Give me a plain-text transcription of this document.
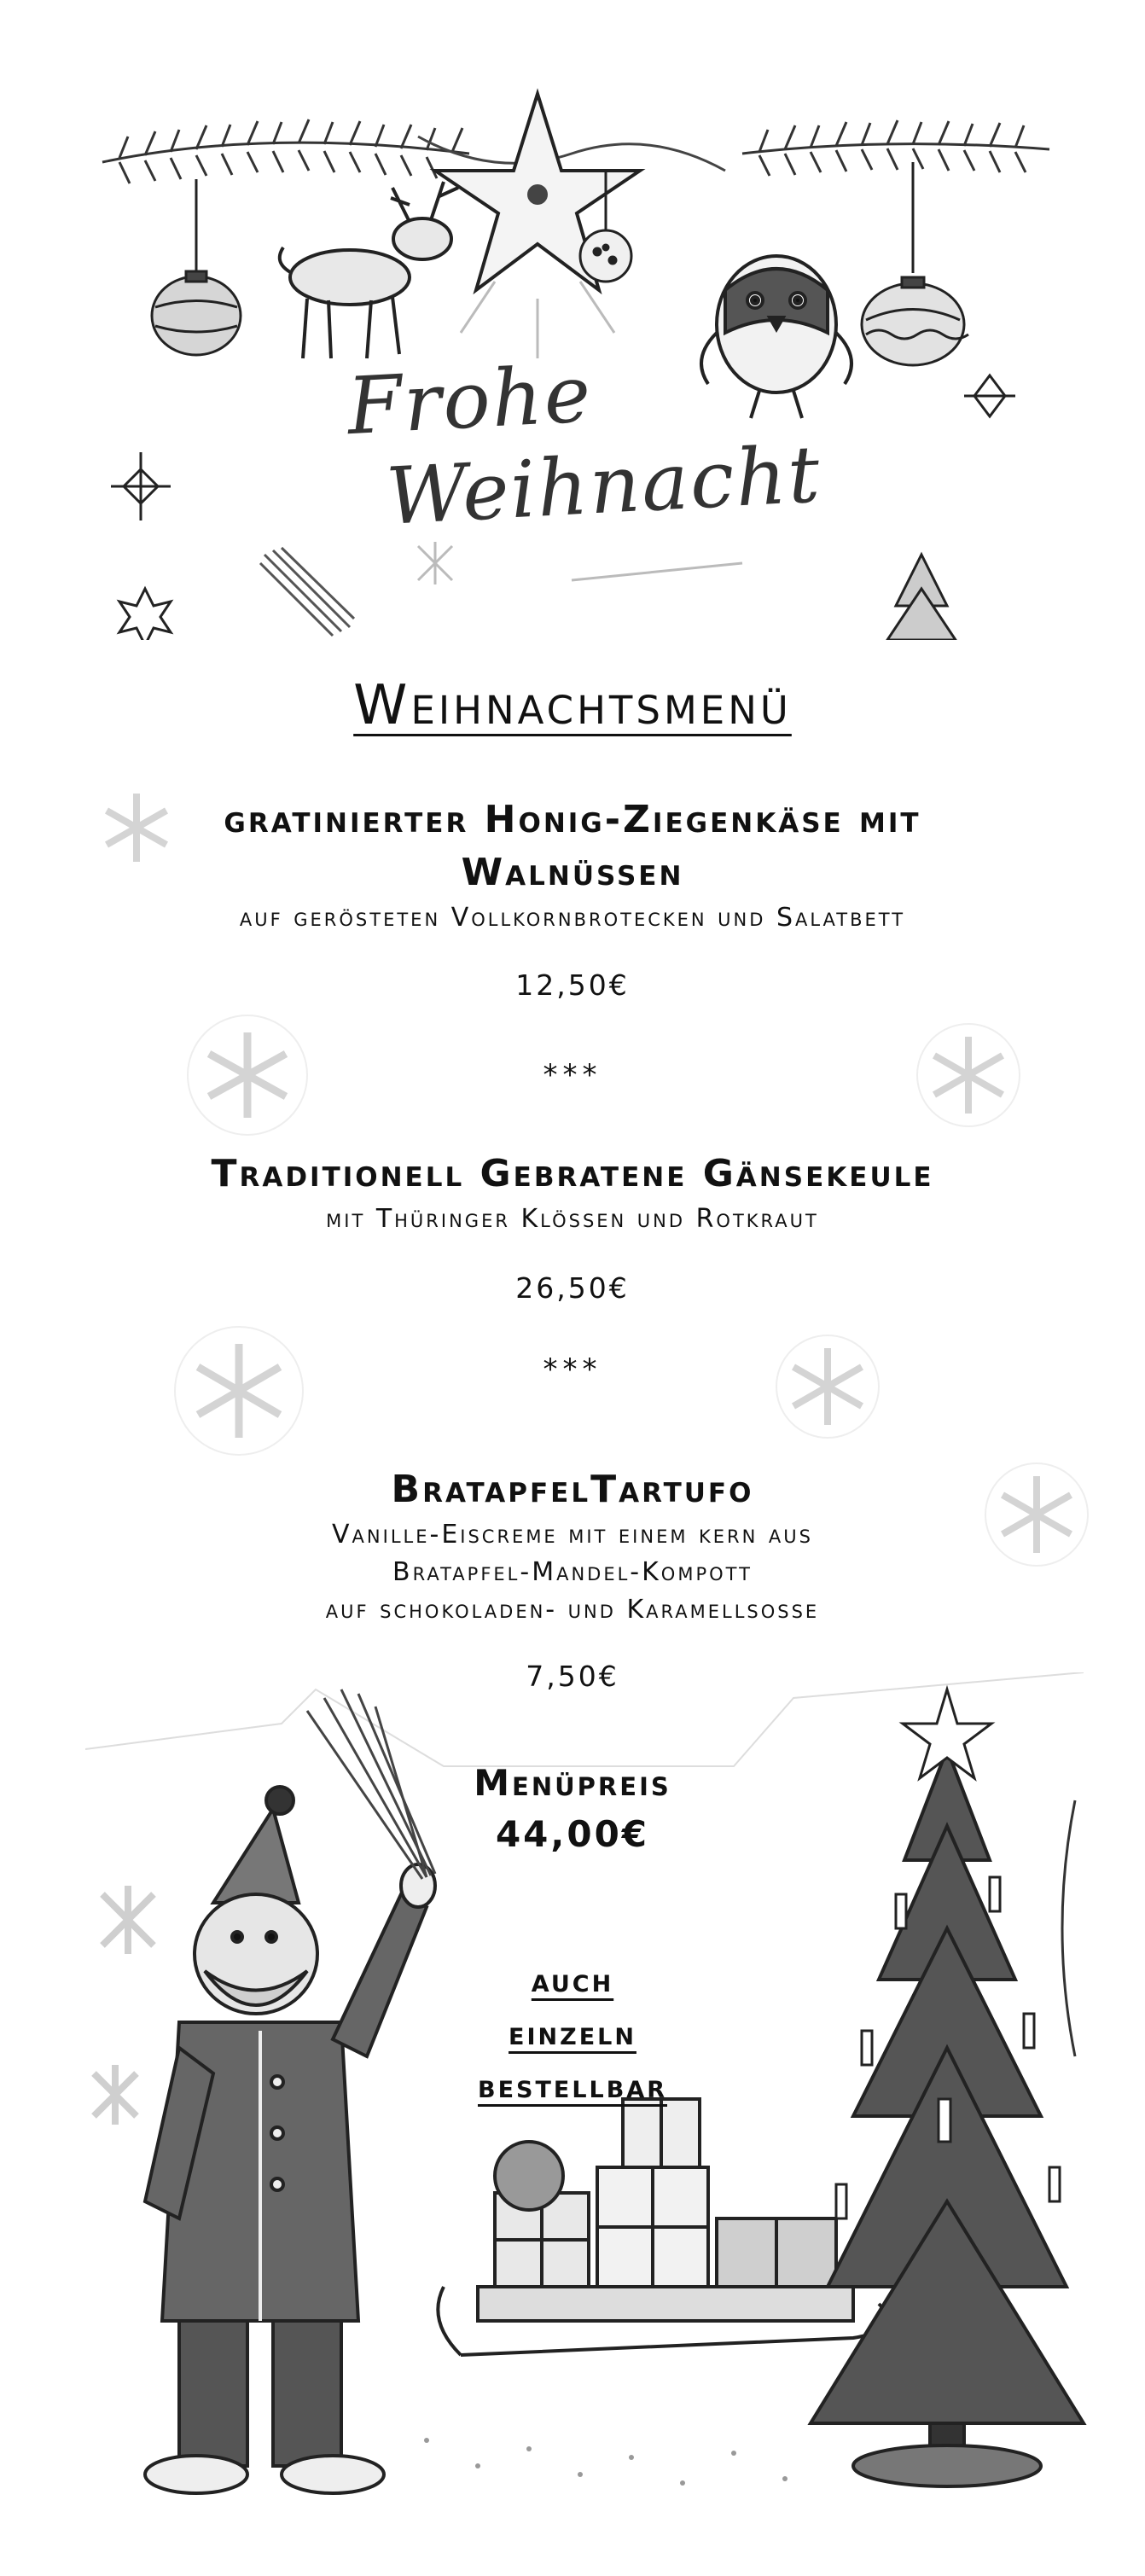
Frohe
Weihnacht
Weihnachtsmenü
gratinierter Honig-Ziegenkäse mit
Walnüssen
auf gerösteten Vollkornbrotecken und Salatbett
12,50€
***
Traditionell Gebratene Gänsekeule
mit Thüringer Klössen und Rotkraut
26,50€
***
BratapfelTartufo
Vanille-Eiscreme mit einem kern aus
Bratapfel-Mandel-Kompott
auf schokoladen- und Karamellsosse
7,50€
Menüpreis
44,00€
auch
einzeln
bestellbar
